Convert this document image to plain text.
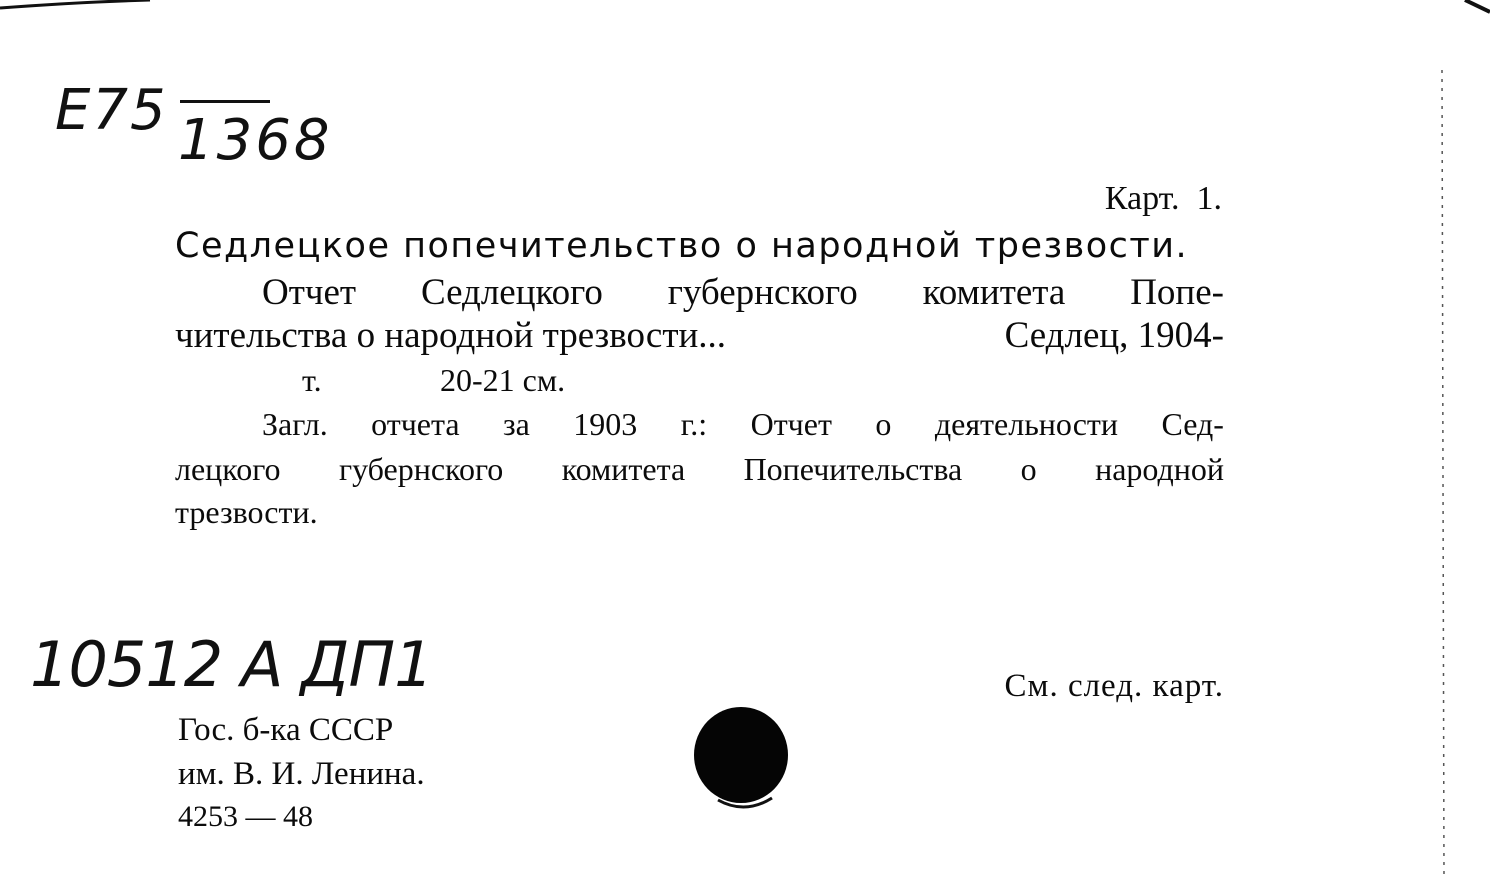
E75 1368
Карт.  1.
Седлецкое попечительство о народной трезвости.
Отчет Седлецкого губернского комитета Попе-
чительства о народной трезвости...	Седлец, 1904-
т.	20-21 см.
Загл. отчета за 1903 г.: Отчет о деятельности Сед-
лецкого губернского комитета Попечительства о народной
трезвости.
10512 А ДП1
Гос. б-ка СССР
им. В. И. Ленина.
4253 — 48
См. след. карт.
